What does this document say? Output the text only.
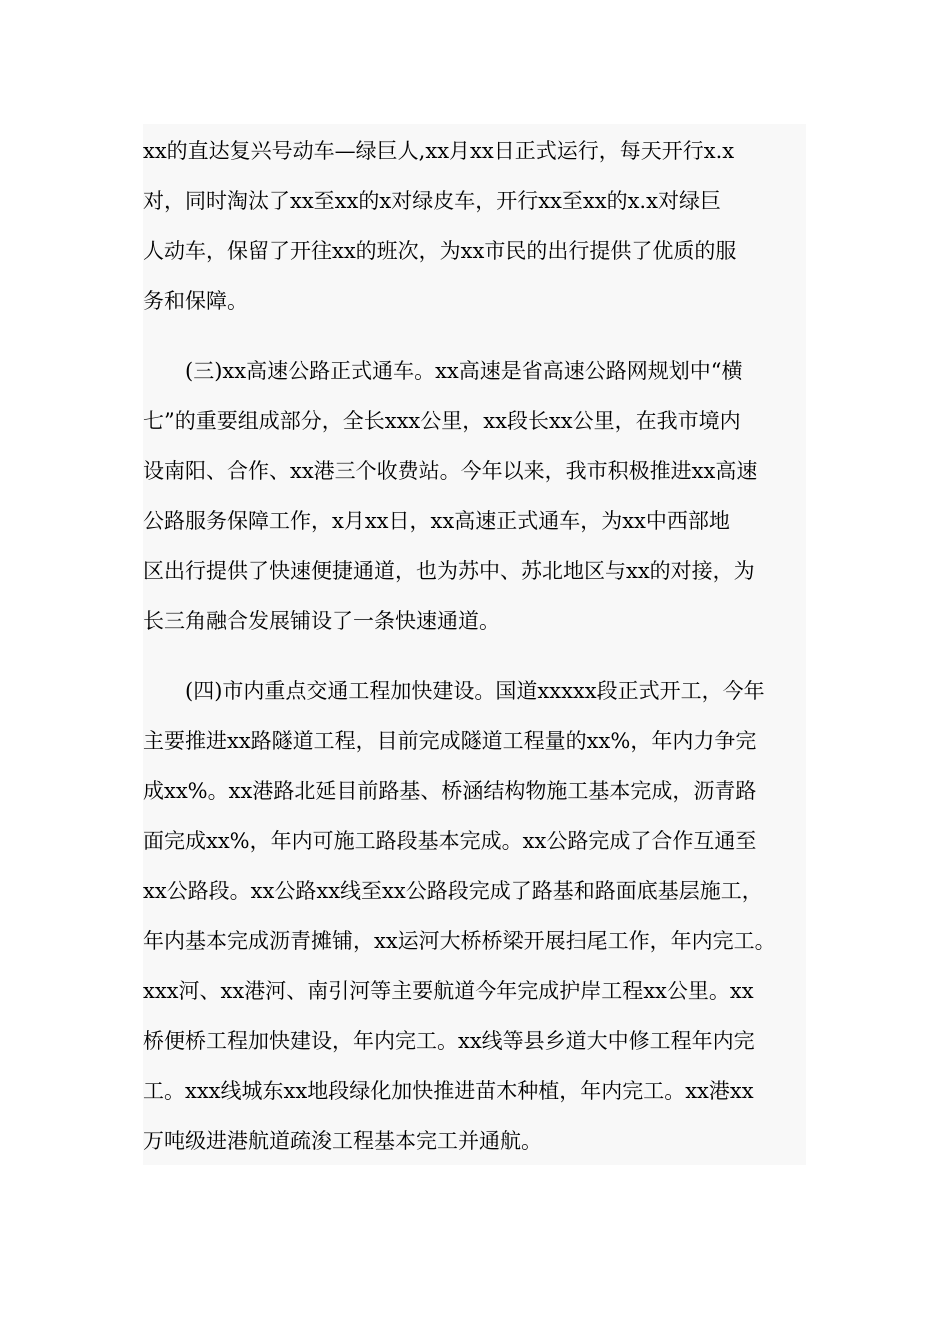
xx的直达复兴号动车—绿巨人,xx月xx日正式运行，每天开行x.x
对，同时淘汰了xx至xx的x对绿皮车，开行xx至xx的x.x对绿巨
人动车，保留了开往xx的班次，为xx市民的出行提供了优质的服
务和保障。
　　(三)xx高速公路正式通车。xx高速是省高速公路网规划中“横
七”的重要组成部分，全长xxx公里，xx段长xx公里，在我市境内
设南阳、合作、xx港三个收费站。今年以来，我市积极推进xx高速
公路服务保障工作，x月xx日，xx高速正式通车，为xx中西部地
区出行提供了快速便捷通道，也为苏中、苏北地区与xx的对接，为
长三角融合发展铺设了一条快速通道。
　　(四)市内重点交通工程加快建设。国道xxxxx段正式开工，今年
主要推进xx路隧道工程，目前完成隧道工程量的xx%，年内力争完
成xx%。xx港路北延目前路基、桥涵结构物施工基本完成，沥青路
面完成xx%，年内可施工路段基本完成。xx公路完成了合作互通至
xx公路段。xx公路xx线至xx公路段完成了路基和路面底基层施工，
年内基本完成沥青摊铺，xx运河大桥桥梁开展扫尾工作，年内完工。
xxx河、xx港河、南引河等主要航道今年完成护岸工程xx公里。xx
桥便桥工程加快建设，年内完工。xx线等县乡道大中修工程年内完
工。xxx线城东xx地段绿化加快推进苗木种植，年内完工。xx港xx
万吨级进港航道疏浚工程基本完工并通航。
